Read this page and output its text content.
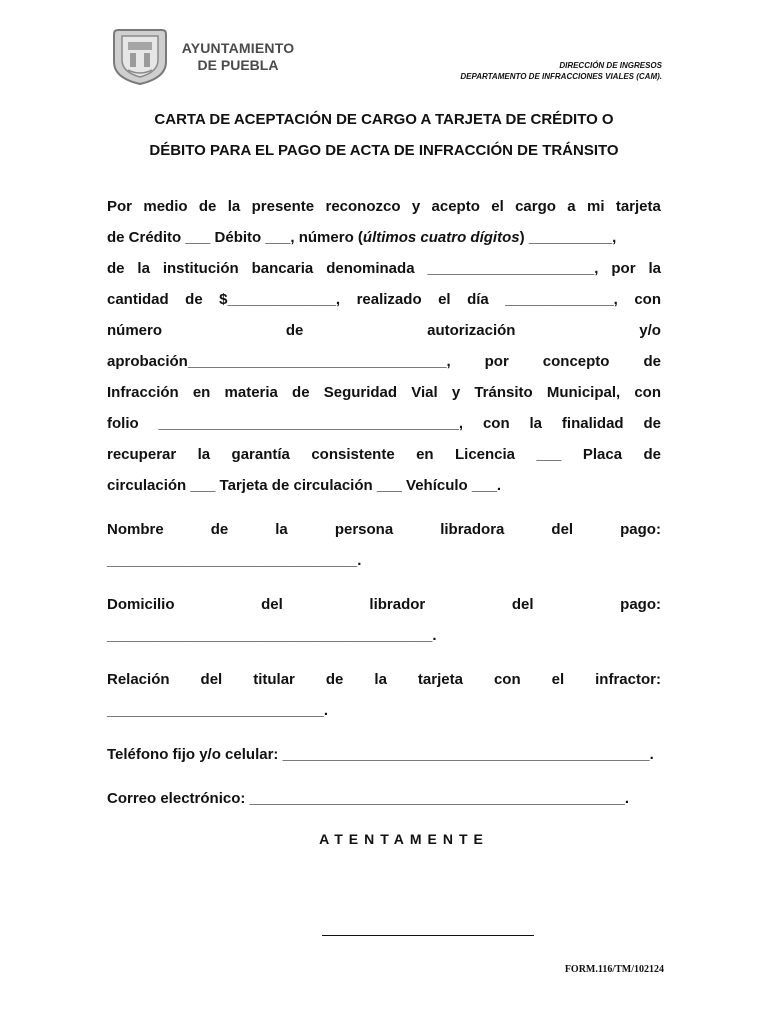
AYUNTAMIENTO
DE PUEBLA	DIRECCIÓN DE INGRESOS
DEPARTAMENTO DE INFRACCIONES VIALES (CAM).
CARTA DE ACEPTACIÓN DE CARGO A TARJETA DE CRÉDITO O
DÉBITO PARA EL PAGO DE ACTA DE INFRACCIÓN DE TRÁNSITO
Por medio de la presente reconozco y acepto el cargo a mi tarjeta
de Crédito ___ Débito ___, número ( últimos cuatro dígitos ) __________,
de la institución bancaria denominada ____________________, por la
cantidad de $_____________, realizado el día _____________, con
número	de	autorización	y/o
aprobación_______________________________, por concepto de
Infracción en materia de Seguridad Vial y Tránsito Municipal, con
folio ____________________________________, con la finalidad de
recuperar la garantía consistente en Licencia ___ Placa de
circulación ___ Tarjeta de circulación ___ Vehículo ___.
Nombre	de	la	persona	libradora	del	pago:
______________________________.
Domicilio	del	librador	del	pago:
_______________________________________.
Relación del titular de la tarjeta con el infractor:
__________________________.
Teléfono fijo y/o celular: ____________________________________________.
Correo electrónico: _____________________________________________.
ATENTAMENTE
FORM.116/TM/102124
